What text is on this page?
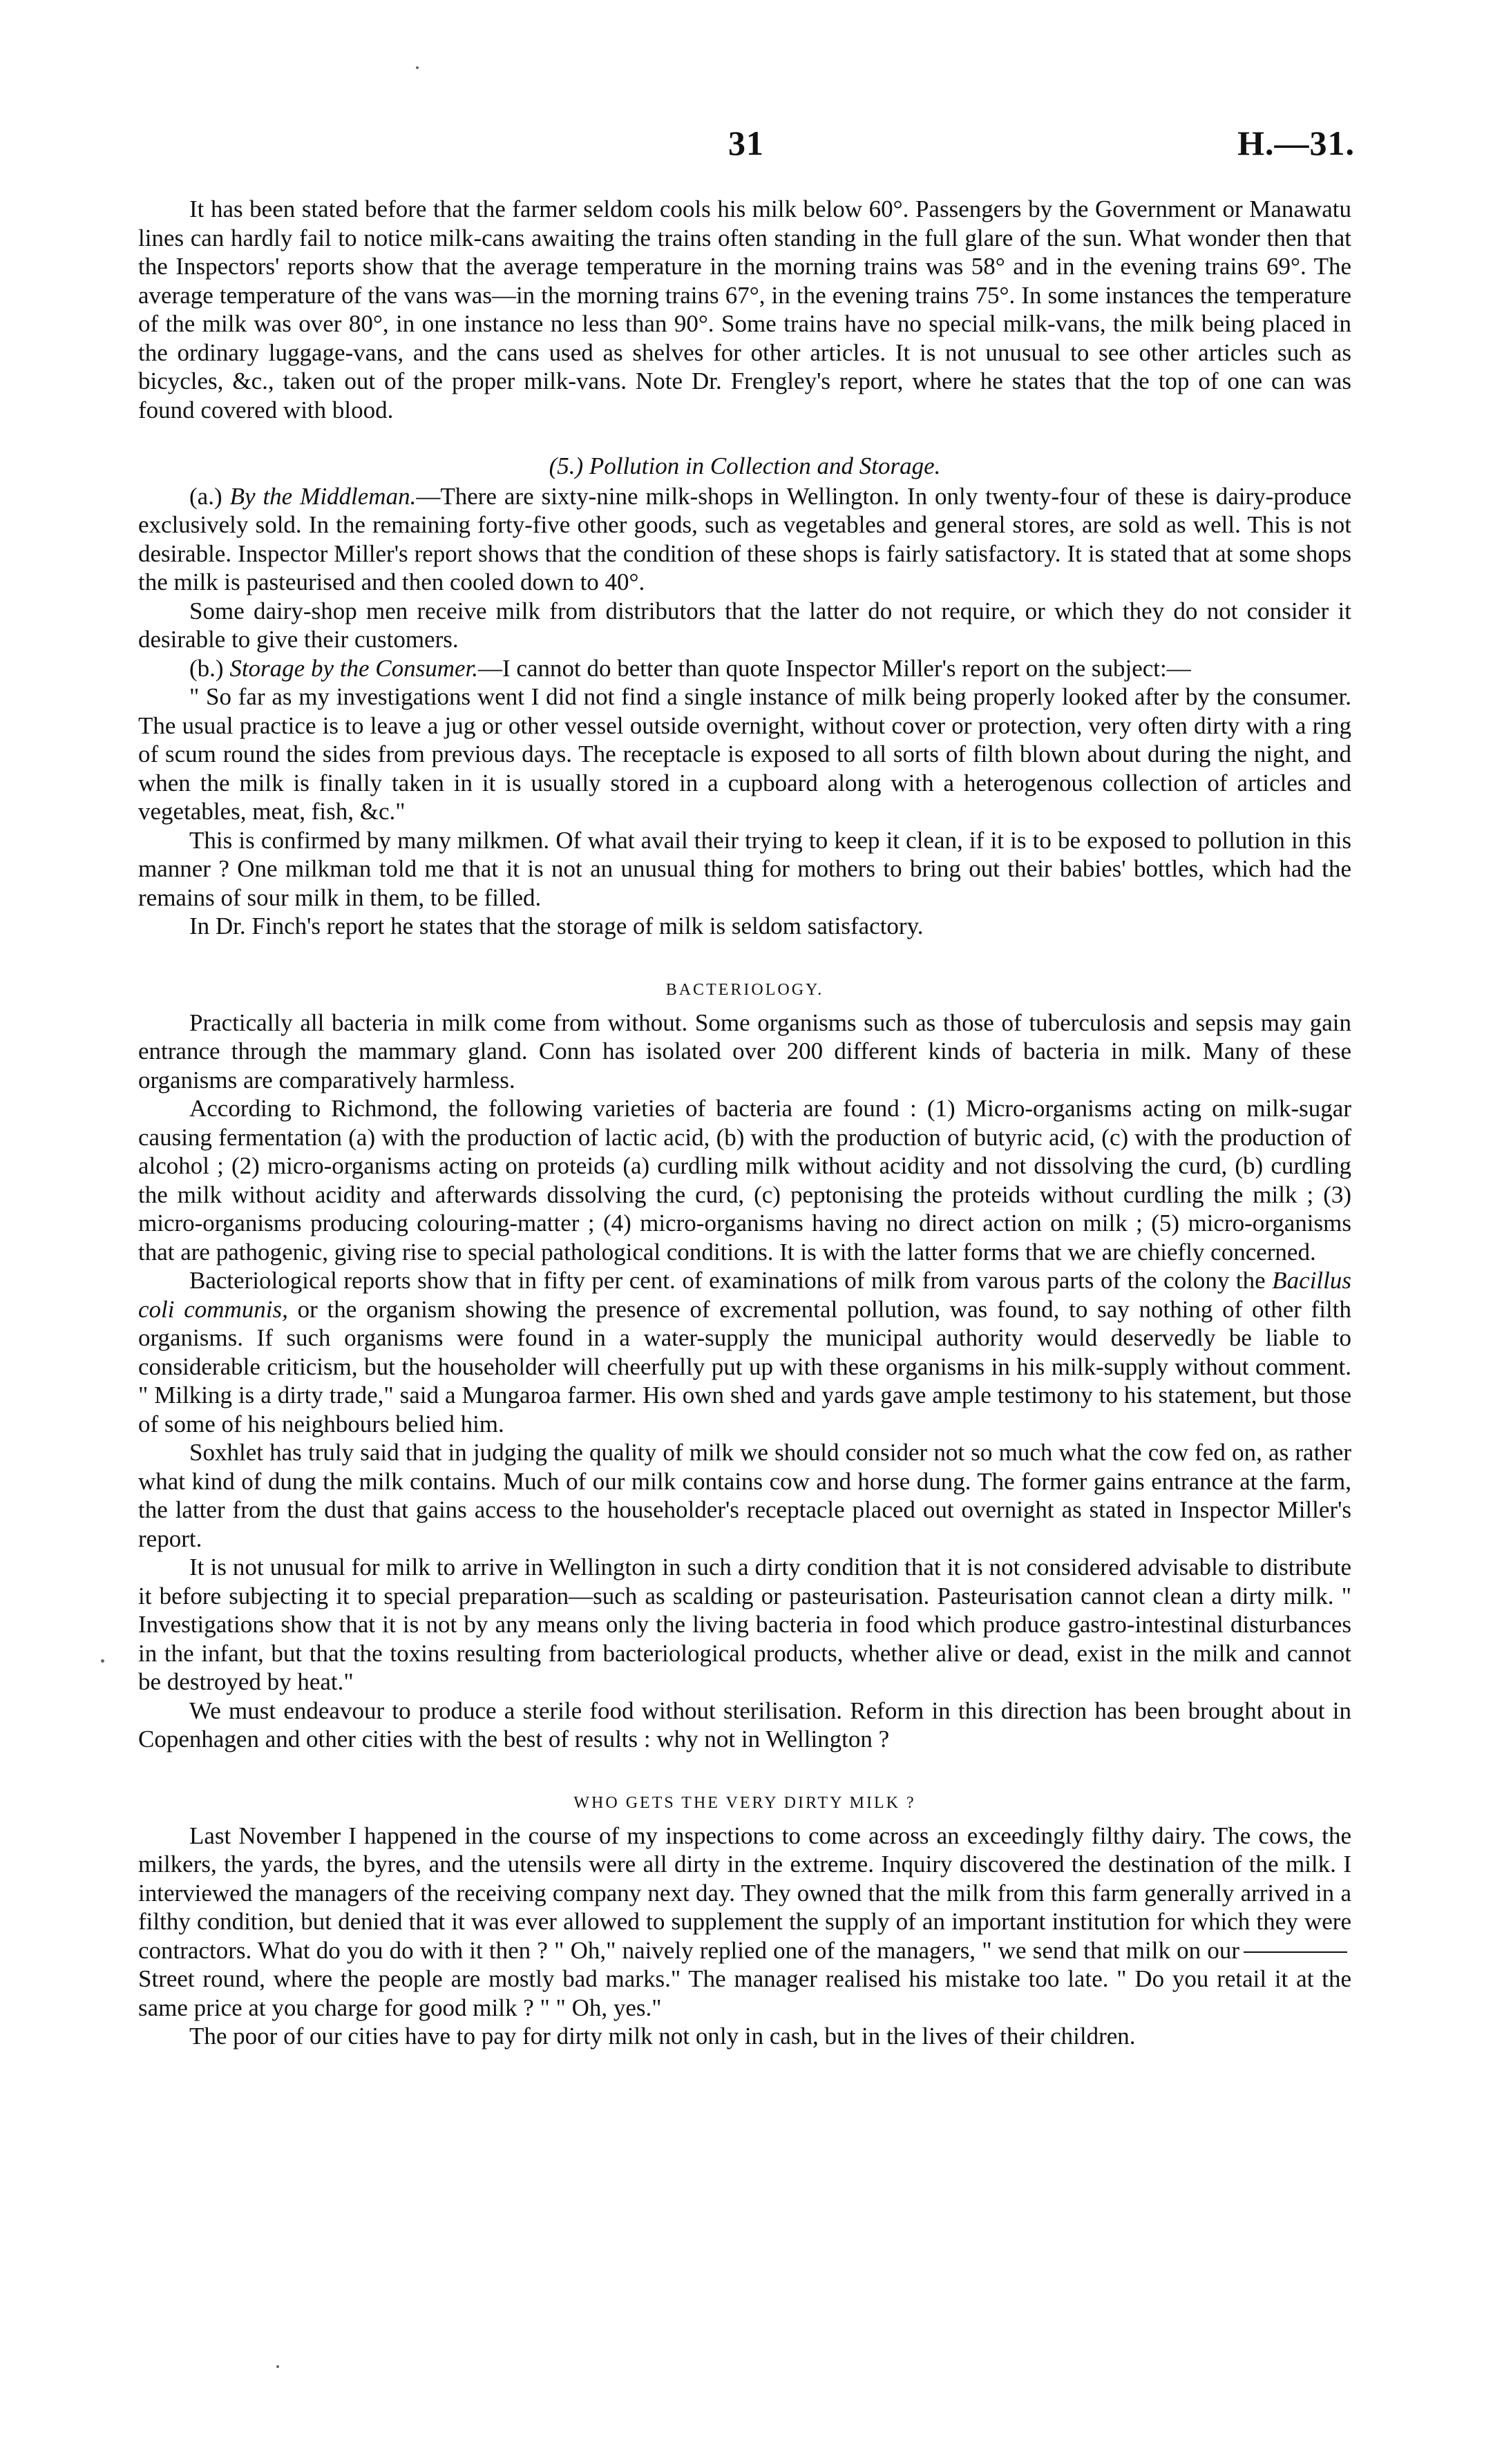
31	H.—31.

It has been stated before that the farmer seldom cools his milk below 60°. Passengers by the Government or Manawatu lines can hardly fail to notice milk-cans awaiting the trains often standing in the full glare of the sun. What wonder then that the Inspectors' reports show that the average temperature in the morning trains was 58° and in the evening trains 69°. The average temperature of the vans was—in the morning trains 67°, in the evening trains 75°. In some instances the temperature of the milk was over 80°, in one instance no less than 90°. Some trains have no special milk-vans, the milk being placed in the ordinary luggage-vans, and the cans used as shelves for other articles. It is not unusual to see other articles such as bicycles, &c., taken out of the proper milk-vans. Note Dr. Frengley's report, where he states that the top of one can was found covered with blood.

(5.) Pollution in Collection and Storage.

(a.) By the Middleman.—There are sixty-nine milk-shops in Wellington. In only twenty-four of these is dairy-produce exclusively sold. In the remaining forty-five other goods, such as vegetables and general stores, are sold as well. This is not desirable. Inspector Miller's report shows that the condition of these shops is fairly satisfactory. It is stated that at some shops the milk is pasteurised and then cooled down to 40°.

Some dairy-shop men receive milk from distributors that the latter do not require, or which they do not consider it desirable to give their customers.

(b.) Storage by the Consumer.—I cannot do better than quote Inspector Miller's report on the subject:—

" So far as my investigations went I did not find a single instance of milk being properly looked after by the consumer. The usual practice is to leave a jug or other vessel outside overnight, without cover or protection, very often dirty with a ring of scum round the sides from previous days. The receptacle is exposed to all sorts of filth blown about during the night, and when the milk is finally taken in it is usually stored in a cupboard along with a heterogenous collection of articles and vegetables, meat, fish, &c."

This is confirmed by many milkmen. Of what avail their trying to keep it clean, if it is to be exposed to pollution in this manner ? One milkman told me that it is not an unusual thing for mothers to bring out their babies' bottles, which had the remains of sour milk in them, to be filled.

In Dr. Finch's report he states that the storage of milk is seldom satisfactory.

BACTERIOLOGY.

Practically all bacteria in milk come from without. Some organisms such as those of tuberculosis and sepsis may gain entrance through the mammary gland. Conn has isolated over 200 different kinds of bacteria in milk. Many of these organisms are comparatively harmless.

According to Richmond, the following varieties of bacteria are found : (1) Micro-organisms acting on milk-sugar causing fermentation (a) with the production of lactic acid, (b) with the production of butyric acid, (c) with the production of alcohol ; (2) micro-organisms acting on proteids (a) curdling milk without acidity and not dissolving the curd, (b) curdling the milk without acidity and afterwards dissolving the curd, (c) peptonising the proteids without curdling the milk ; (3) micro-organisms producing colouring-matter ; (4) micro-organisms having no direct action on milk ; (5) micro-organisms that are pathogenic, giving rise to special pathological conditions. It is with the latter forms that we are chiefly concerned.

Bacteriological reports show that in fifty per cent. of examinations of milk from varous parts of the colony the Bacillus coli communis, or the organism showing the presence of excremental pollution, was found, to say nothing of other filth organisms. If such organisms were found in a water-supply the municipal authority would deservedly be liable to considerable criticism, but the householder will cheerfully put up with these organisms in his milk-supply without comment. " Milking is a dirty trade," said a Mungaroa farmer. His own shed and yards gave ample testimony to his statement, but those of some of his neighbours belied him.

Soxhlet has truly said that in judging the quality of milk we should consider not so much what the cow fed on, as rather what kind of dung the milk contains. Much of our milk contains cow and horse dung. The former gains entrance at the farm, the latter from the dust that gains access to the householder's receptacle placed out overnight as stated in Inspector Miller's report.

It is not unusual for milk to arrive in Wellington in such a dirty condition that it is not considered advisable to distribute it before subjecting it to special preparation—such as scalding or pasteurisation. Pasteurisation cannot clean a dirty milk. " Investigations show that it is not by any means only the living bacteria in food which produce gastro-intestinal disturbances in the infant, but that the toxins resulting from bacteriological products, whether alive or dead, exist in the milk and cannot be destroyed by heat."

We must endeavour to produce a sterile food without sterilisation. Reform in this direction has been brought about in Copenhagen and other cities with the best of results : why not in Wellington ?

WHO GETS THE VERY DIRTY MILK ?

Last November I happened in the course of my inspections to come across an exceedingly filthy dairy. The cows, the milkers, the yards, the byres, and the utensils were all dirty in the extreme. Inquiry discovered the destination of the milk. I interviewed the managers of the receiving company next day. They owned that the milk from this farm generally arrived in a filthy condition, but denied that it was ever allowed to supplement the supply of an important institution for which they were contractors. What do you do with it then ? " Oh," naively replied one of the managers, " we send that milk on ourStreet round, where the people are mostly bad marks." The manager realised his mistake too late. " Do you retail it at the same price at you charge for good milk ? " " Oh, yes."

The poor of our cities have to pay for dirty milk not only in cash, but in the lives of their children.
